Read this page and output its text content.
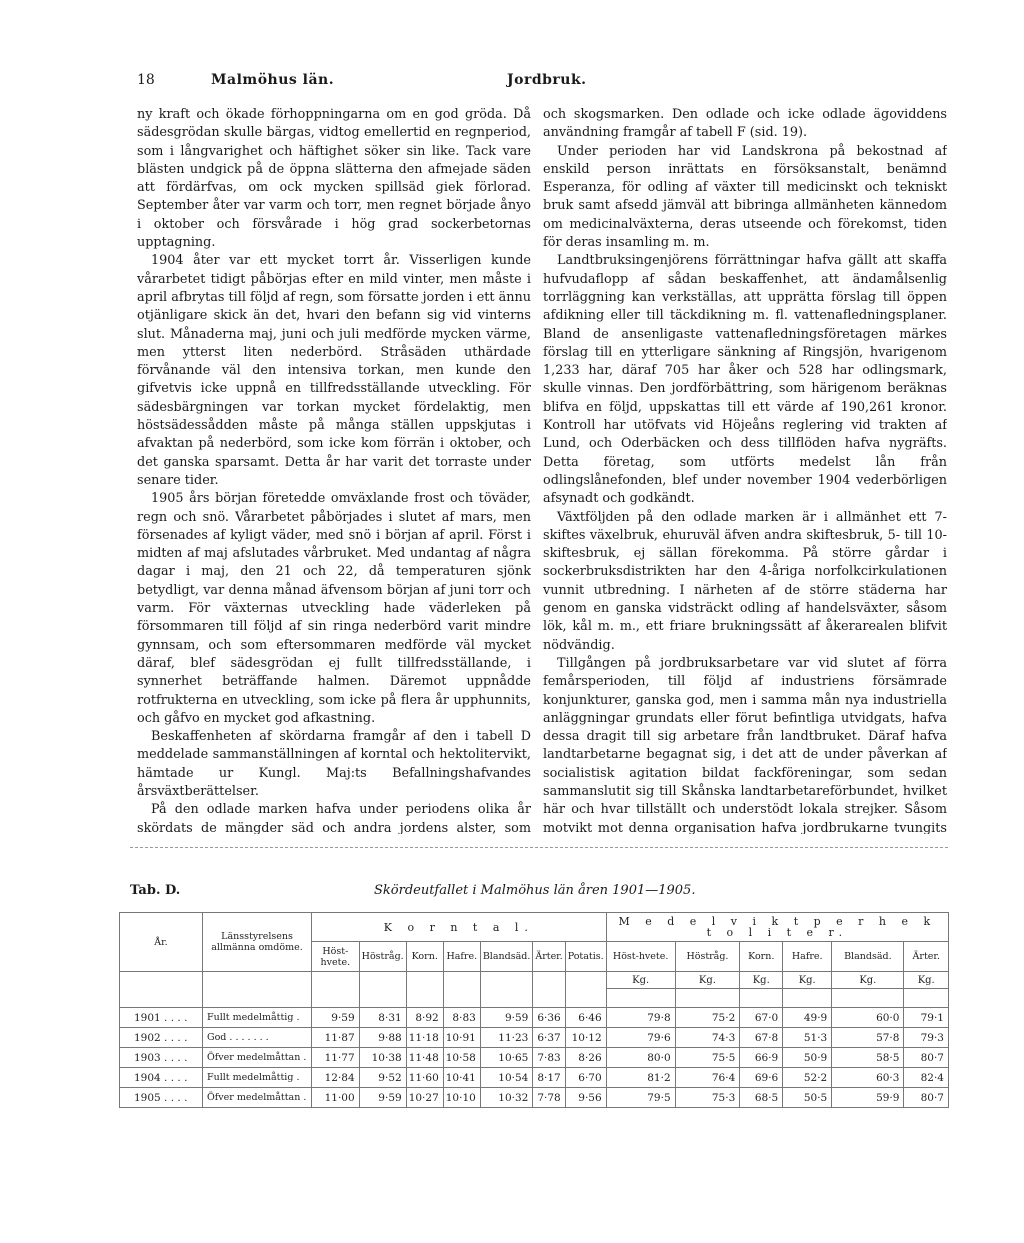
18	Malmöhus län.	Jordbruk.

ny kraft och ökade förhoppningarna om en god gröda. Då sädesgrödan skulle bärgas, vidtog emellertid en regnperiod, som i långvarighet och häftighet söker sin like. Tack vare blästen undgick på de öppna slätterna den afmejade säden att fördärfvas, om ock mycken spillsäd giek förlorad. September åter var varm och torr, men regnet började ånyo i oktober och försvårade i hög grad sockerbetornas upptagning.

1904 åter var ett mycket torrt år. Visserligen kunde vårarbetet tidigt påbörjas efter en mild vinter, men måste i april afbrytas till följd af regn, som försatte jorden i ett ännu otjänligare skick än det, hvari den befann sig vid vinterns slut. Månaderna maj, juni och juli medförde mycken värme, men ytterst liten nederbörd. Stråsäden uthärdade förvånande väl den intensiva torkan, men kunde den gifvetvis icke uppnå en tillfredsställande utveckling. För sädesbärgningen var torkan mycket fördelaktig, men höstsädessådden måste på många ställen uppskjutas i afvaktan på nederbörd, som icke kom förrän i oktober, och det ganska sparsamt. Detta år har varit det torraste under senare tider.

1905 års början företedde omväxlande frost och töväder, regn och snö. Vårarbetet påbörjades i slutet af mars, men försenades af kyligt väder, med snö i början af april. Först i midten af maj afslutades vårbruket. Med undantag af några dagar i maj, den 21 och 22, då temperaturen sjönk betydligt, var denna månad äfvensom början af juni torr och varm. För växternas utveckling hade väderleken på försommaren till följd af sin ringa nederbörd varit mindre gynnsam, och som eftersommaren medförde väl mycket däraf, blef sädesgrödan ej fullt tillfredsställande, i synnerhet beträffande halmen. Däremot uppnådde rotfrukterna en utveckling, som icke på flera år upphunnits, och gåfvo en mycket god afkastning.

Beskaffenheten af skördarna framgår af den i tabell D meddelade sammanställningen af korntal och hektolitervikt, hämtade ur Kungl. Maj:ts Befallningshafvandes årsväxtberättelser.

På den odlade marken hafva under periodens olika år skördats de mängder säd och andra jordens alster, som

och skogsmarken. Den odlade och icke odlade ägoviddens användning framgår af tabell F (sid. 19).

Under perioden har vid Landskrona på bekostnad af enskild person inrättats en försöksanstalt, benämnd Esperanza, för odling af växter till medicinskt och tekniskt bruk samt afsedd jämväl att bibringa allmänheten kännedom om medicinalväxterna, deras utseende och förekomst, tiden för deras insamling m. m.

Landtbruksingenjörens förrättningar hafva gällt att skaffa hufvudaflopp af sådan beskaffenhet, att ändamålsenlig torrläggning kan verkställas, att upprätta förslag till öppen afdikning eller till täckdikning m. fl. vattenafledningsplaner. Bland de ansenligaste vattenafledningsföretagen märkes förslag till en ytterligare sänkning af Ringsjön, hvarigenom 1,233 har, däraf 705 har åker och 528 har odlingsmark, skulle vinnas. Den jordförbättring, som härigenom beräknas blifva en följd, uppskattas till ett värde af 190,261 kronor. Kontroll har utöfvats vid Höjeåns reglering vid trakten af Lund, och Oderbäcken och dess tillflöden hafva nygräfts. Detta företag, som utförts medelst lån från odlingslånefonden, blef under november 1904 vederbörligen afsynadt och godkändt.

Växtföljden på den odlade marken är i allmänhet ett 7-skiftes växelbruk, ehuruväl äfven andra skiftesbruk, 5- till 10-skiftesbruk, ej sällan förekomma. På större gårdar i sockerbruksdistrikten har den 4-åriga norfolkcirkulationen vunnit utbredning. I närheten af de större städerna har genom en ganska vidsträckt odling af handelsväxter, såsom lök, kål m. m., ett friare brukningssätt af åkerarealen blifvit nödvändig.

Tillgången på jordbruksarbetare var vid slutet af förra femårsperioden, till följd af industriens försämrade konjunkturer, ganska god, men i samma mån nya industriella anläggningar grundats eller förut befintliga utvidgats, hafva dessa dragit till sig arbetare från landtbruket. Däraf hafva landtarbetarne begagnat sig, i det att de under påverkan af socialistisk agitation bildat fackföreningar, som sedan sammanslutit sig till Skånska landtarbetareförbundet, hvilket här och hvar tillställt och understödt lokala strejker. Såsom motvikt mot denna organisation hafva jordbrukarne tvungits

Tab. D.	Skördeutfallet i Malmöhus län åren 1901—1905.
År.	Länsstyrelsens allmänna omdöme.	K o r n t a l.							M e d e l v i k t p e r h e k t o l i t e r.					
		Höst-hvete.	Höstråg.	Korn.	Hafre.	Blandsäd.	Ärter.	Potatis.	Höst-hvete.	Höstråg.	Korn.	Hafre.	Blandsäd.	Ärter.
									Kg.	Kg.	Kg.	Kg.	Kg.	Kg.

1901 . . . .	Fullt medelmåttig .	9·59	8·31	8·92	8·83	9·59	6·36	6·46	79·8	75·2	67·0	49·9	60·0	79·1
1902 . . . .	God . . . . . . .	11·87	9·88	11·18	10·91	11·23	6·37	10·12	79·6	74·3	67·8	51·3	57·8	79·3
1903 . . . .	Öfver medelmåttan .	11·77	10·38	11·48	10·58	10·65	7·83	8·26	80·0	75·5	66·9	50·9	58·5	80·7
1904 . . . .	Fullt medelmåttig .	12·84	9·52	11·60	10·41	10·54	8·17	6·70	81·2	76·4	69·6	52·2	60·3	82·4
1905 . . . .	Öfver medelmåttan .	11·00	9·59	10·27	10·10	10·32	7·78	9·56	79·5	75·3	68·5	50·5	59·9	80·7
